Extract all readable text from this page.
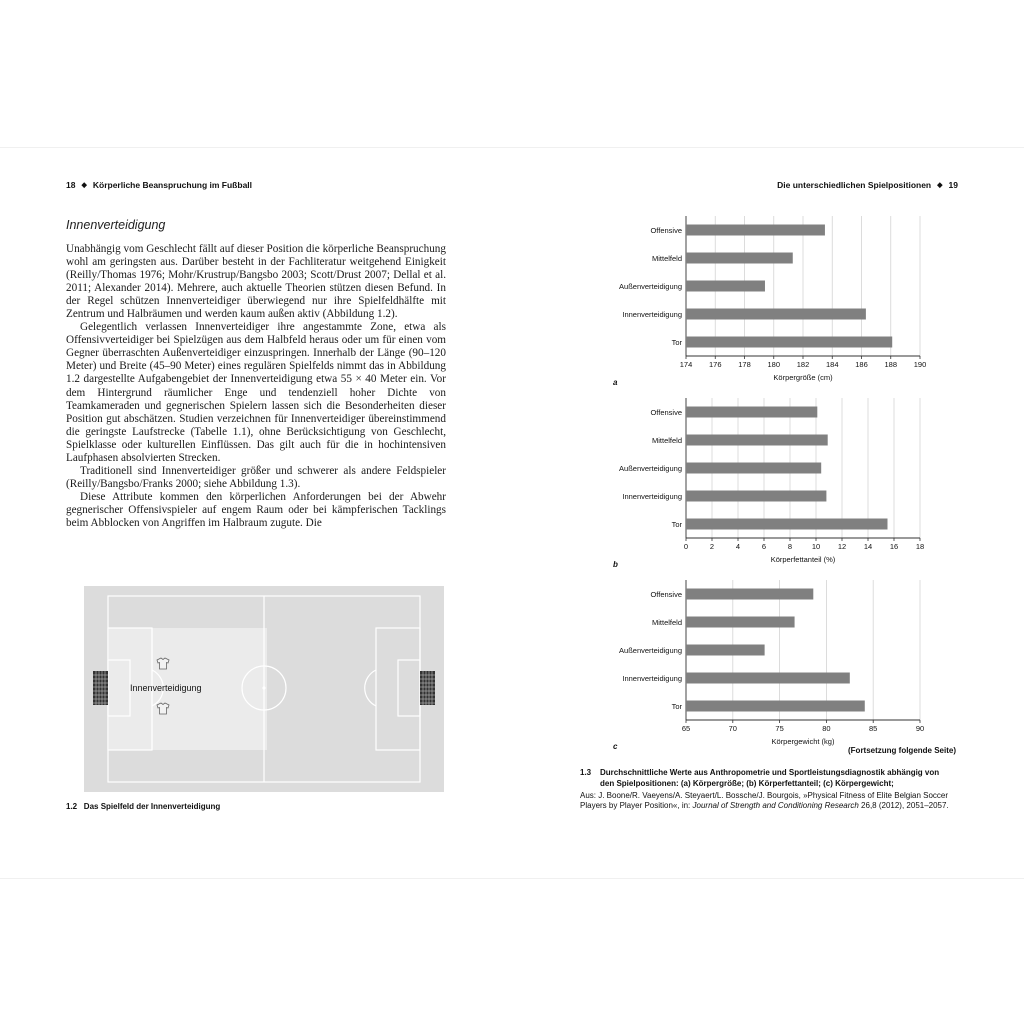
18 ◆ Körperliche Beanspruchung im Fußball	Die unterschiedlichen Spielpositionen ◆ 19
Innenverteidigung

Unabhängig vom Geschlecht fällt auf dieser Position die körperliche Beanspruchung wohl am geringsten aus. Darüber besteht in der Fachliteratur weitgehend Einigkeit (Reilly/Thomas 1976; Mohr/Krustrup/Bangsbo 2003; Scott/Drust 2007; Dellal et al. 2011; Alexander 2014). Mehrere, auch aktuelle Theorien stützen diesen Befund. In der Regel schützen Innenverteidiger überwiegend nur ihre Spielfeldhälfte mit Zentrum und Halbräumen und werden kaum außen aktiv (Abbildung 1.2).

Gelegentlich verlassen Innenverteidiger ihre angestammte Zone, etwa als Offensivverteidiger bei Spielzügen aus dem Halbfeld heraus oder um für einen vom Gegner überraschten Außenverteidiger einzuspringen. Innerhalb der Länge (90–120 Meter) und Breite (45–90 Meter) eines regulären Spielfelds nimmt das in Abbildung 1.2 dargestellte Aufgabengebiet der Innenverteidigung etwa 55 × 40 Meter ein. Vor dem Hintergrund räumlicher Enge und tendenziell hoher Dichte von Teamkameraden und gegnerischen Spielern lassen sich die Besonderheiten dieser Position gut abschätzen. Studien verzeichnen für Innenverteidiger übereinstimmend die geringste Laufstrecke (Tabelle 1.1), ohne Berücksichtigung von Geschlecht, Spielklasse oder kulturellen Einflüssen. Das gilt auch für die in hochintensiven Laufphasen absolvierten Strecken.

Traditionell sind Innenverteidiger größer und schwerer als andere Feldspieler (Reilly/Bangsbo/Franks 2000; siehe Abbildung 1.3).

Diese Attribute kommen den körperlichen Anforderungen bei der Abwehr gegnerischer Offensivspieler auf engem Raum oder bei kämpferischen Tacklings beim Abblocken von Angriffen im Halbraum zugute. Die

Innenverteidigung
1.2 Das Spielfeld der Innenverteidigung
Offensive
Mittelfeld
Außenverteidigung
Innenverteidigung
Tor
174 176 178 180 182 184 186 188 190
Körpergröße (cm)
a
Offensive
Mittelfeld
Außenverteidigung
Innenverteidigung
Tor
0	2	4	6	8	10 12 14 16 18
Körperfettanteil (%)
b
Offensive
Mittelfeld
Außenverteidigung
Innenverteidigung
Tor
65	70	75	80	85	90
Körpergewicht (kg)
c	(Fortsetzung folgende Seite)
1.3	Durchschnittliche Werte aus Anthropometrie und Sportleistungsdiagnostik abhängig von den Spielpositionen: (a) Körpergröße; (b) Körperfettanteil; (c) Körpergewicht;
Aus: J. Boone/R. Vaeyens/A. Steyaert/L. Bossche/J. Bourgois, »Physical Fitness of Elite Belgian Soccer Players by Player Position«, in: Journal of Strength and Conditioning Research 26,8 (2012), 2051–2057.
